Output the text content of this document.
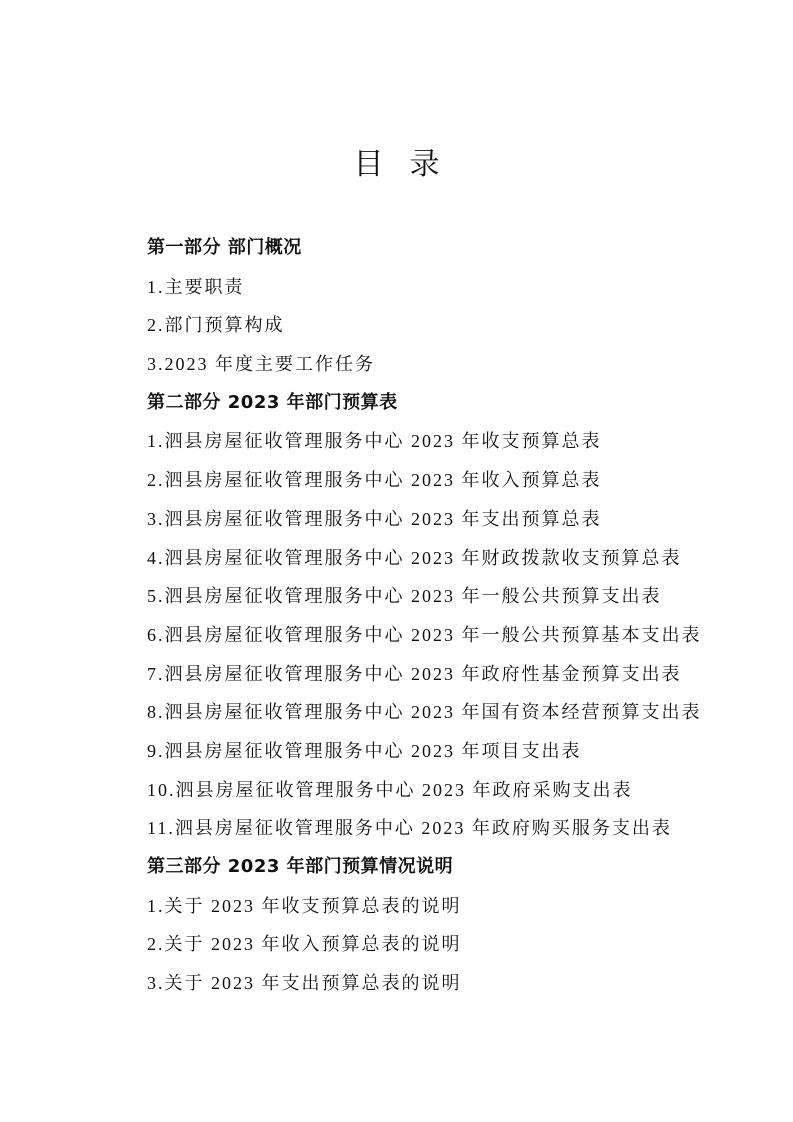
目录
第一部分 部门概况
1.主要职责
2.部门预算构成
3.2023 年度主要工作任务
第二部分 2023 年部门预算表
1.泗县房屋征收管理服务中心 2023 年收支预算总表
2.泗县房屋征收管理服务中心 2023 年收入预算总表
3.泗县房屋征收管理服务中心 2023 年支出预算总表
4.泗县房屋征收管理服务中心 2023 年财政拨款收支预算总表
5.泗县房屋征收管理服务中心 2023 年一般公共预算支出表
6.泗县房屋征收管理服务中心 2023 年一般公共预算基本支出表
7.泗县房屋征收管理服务中心 2023 年政府性基金预算支出表
8.泗县房屋征收管理服务中心 2023 年国有资本经营预算支出表
9.泗县房屋征收管理服务中心 2023 年项目支出表
10.泗县房屋征收管理服务中心 2023 年政府采购支出表
11.泗县房屋征收管理服务中心 2023 年政府购买服务支出表
第三部分 2023 年部门预算情况说明
1.关于 2023 年收支预算总表的说明
2.关于 2023 年收入预算总表的说明
3.关于 2023 年支出预算总表的说明
